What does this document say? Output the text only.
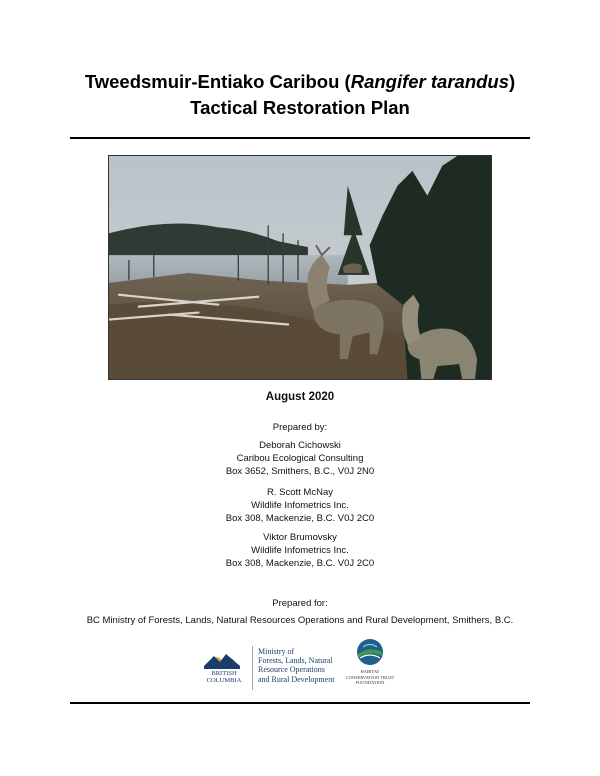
Tweedsmuir-Entiako Caribou (Rangifer tarandus)
Tactical Restoration Plan
August 2020
Prepared by:
Deborah Cichowski
Caribou Ecological Consulting
Box 3652, Smithers, B.C., V0J 2N0
R. Scott McNay
Wildlife Infometrics Inc.
Box 308, Mackenzie, B.C. V0J 2C0
Viktor Brumovsky
Wildlife Infometrics Inc.
Box 308, Mackenzie, B.C. V0J 2C0
Prepared for:
BC Ministry of Forests, Lands, Natural Resources Operations and Rural Development, Smithers, B.C.
BRITISH
COLUMBIA
Ministry of
Forests, Lands, Natural
Resource Operations
and Rural Development
HABITAT
CONSERVATION TRUST
FOUNDATION
